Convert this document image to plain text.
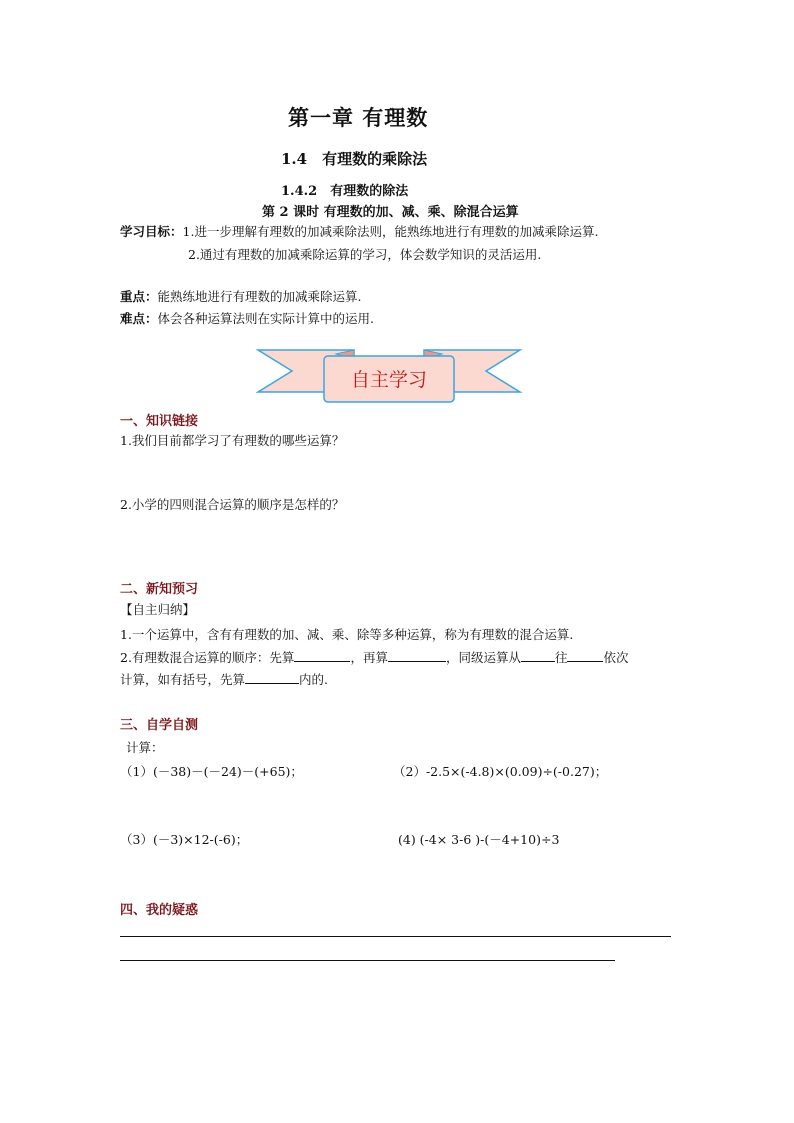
第一章 有理数
1.4　有理数的乘除法
1.4.2　有理数的除法
第 2 课时 有理数的加、减、乘、除混合运算
学习目标：1.进一步理解有理数的加减乘除法则，能熟练地进行有理数的加减乘除运算.
2.通过有理数的加减乘除运算的学习，体会数学知识的灵活运用.
重点：能熟练地进行有理数的加减乘除运算.
难点：体会各种运算法则在实际计算中的运用.
自主学习
一、知识链接
1.我们目前都学习了有理数的哪些运算？
2.小学的四则混合运算的顺序是怎样的？
二、新知预习
【自主归纳】
1.一个运算中，含有有理数的加、减、乘、除等多种运算，称为有理数的混合运算.
2.有理数混合运算的顺序：先算	，再算	，同级运算从	往	依次
计算，如有括号，先算	内的.
三、自学自测
计算：
（1）(－38)－(－24)－(+65)；	（2）-2.5×(-4.8)×(0.09)÷(-0.27)；
（3）(－3)×12-(-6)；	(4) (-4× 3-6 )-(－4+10)÷3
四、我的疑惑
